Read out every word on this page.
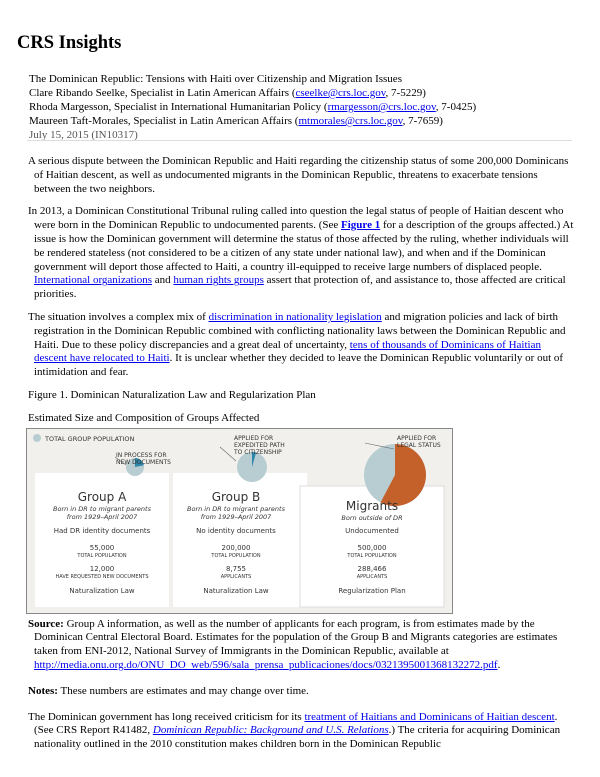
CRS Insights
The Dominican Republic: Tensions with Haiti over Citizenship and Migration Issues
Clare Ribando Seelke, Specialist in Latin American Affairs (cseelke@crs.loc.gov, 7-5229)
Rhoda Margesson, Specialist in International Humanitarian Policy (rmargesson@crs.loc.gov, 7-0425)
Maureen Taft-Morales, Specialist in Latin American Affairs (mtmorales@crs.loc.gov, 7-7659)
July 15, 2015 (IN10317)

A serious dispute between the Dominican Republic and Haiti regarding the citizenship status of some 200,000 Dominicans of Haitian descent, as well as undocumented migrants in the Dominican Republic, threatens to exacerbate tensions between the two neighbors.

In 2013, a Dominican Constitutional Tribunal ruling called into question the legal status of people of Haitian descent who were born in the Dominican Republic to undocumented parents. (See Figure 1 for a description of the groups affected.) At issue is how the Dominican government will determine the status of those affected by the ruling, whether individuals will be rendered stateless (not considered to be a citizen of any state under national law), and when and if the Dominican government will deport those affected to Haiti, a country ill-equipped to receive large numbers of displaced people. International organizations and human rights groups assert that protection of, and assistance to, those affected are critical priorities.

The situation involves a complex mix of discrimination in nationality legislation and migration policies and lack of birth registration in the Dominican Republic combined with conflicting nationality laws between the Dominican Republic and Haiti. Due to these policy discrepancies and a great deal of uncertainty, tens of thousands of Dominicans of Haitian descent have relocated to Haiti. It is unclear whether they decided to leave the Dominican Republic voluntarily or out of intimidation and fear.

Figure 1. Dominican Naturalization Law and Regularization Plan

Estimated Size and Composition of Groups Affected

TOTAL GROUP POPULATION
IN PROCESS FOR NEW DOCUMENTS
APPLIED FOR EXPEDITED PATH TO CITIZENSHIP
APPLIED FOR LEGAL STATUS
Group A
Born in DR to migrant parents
from 1929–April 2007
Had DR identity documents
55,000
TOTAL POPULATION
12,000
HAVE REQUESTED NEW DOCUMENTS
Naturalization Law
Group B
Born in DR to migrant parents
from 1929–April 2007
No identity documents
200,000
TOTAL POPULATION
8,755
APPLICANTS
Naturalization Law
Migrants
Born outside of DR
Undocumented
500,000
TOTAL POPULATION
288,466
APPLICANTS
Regularization Plan

Source: Group A information, as well as the number of applicants for each program, is from estimates made by the Dominican Central Electoral Board. Estimates for the population of the Group B and Migrants categories are estimates taken from ENI-2012, National Survey of Immigrants in the Dominican Republic, available at http://media.onu.org.do/ONU_DO_web/596/sala_prensa_publicaciones/docs/0321395001368132272.pdf.

Notes: These numbers are estimates and may change over time.

The Dominican government has long received criticism for its treatment of Haitians and Dominicans of Haitian descent. (See CRS Report R41482, Dominican Republic: Background and U.S. Relations.) The criteria for acquiring Dominican nationality outlined in the 2010 constitution makes children born in the Dominican Republic
